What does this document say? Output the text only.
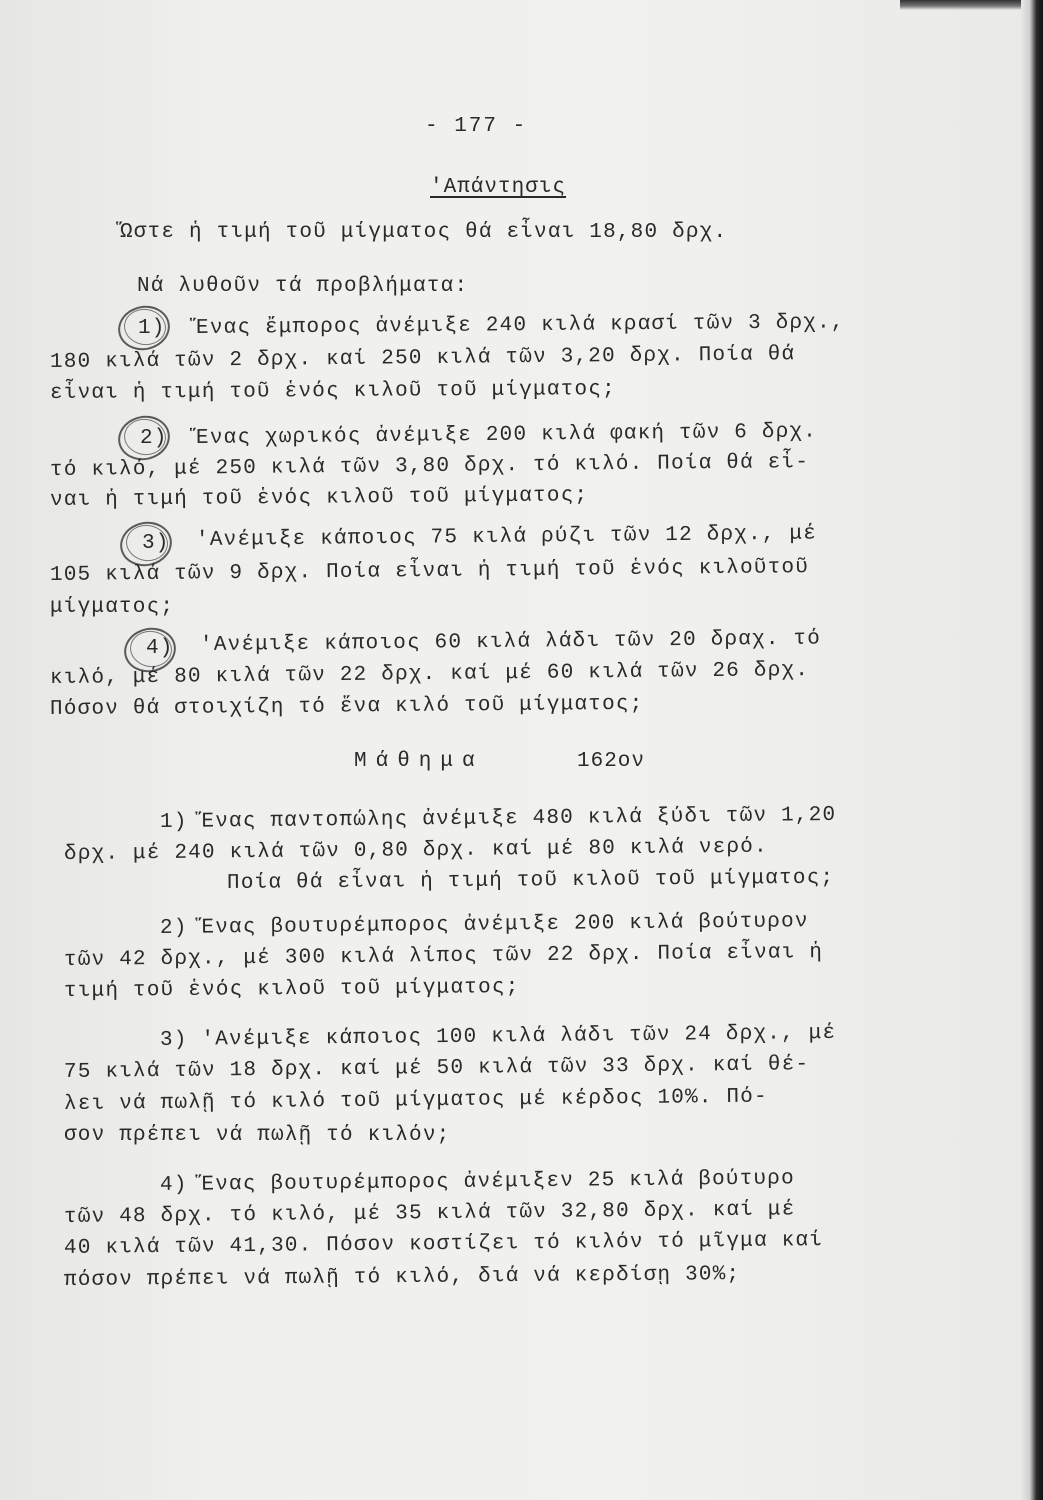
- 177 -
'Απάντησις
Ὥστε ἡ τιμή τοῦ μίγματος θά εἶναι 18,80 δρχ.
Νά λυθοῦν τά προβλήματα:
1) Ἕνας ἔμπορος ἀνέμιξε 240 κιλά κρασί τῶν 3 δρχ.,
180 κιλά τῶν 2 δρχ. καί 250 κιλά τῶν 3,20 δρχ. Ποία θά
εἶναι ἡ τιμή τοῦ ἑνός κιλοῦ τοῦ μίγματος;
2) Ἕνας χωρικός ἀνέμιξε 200 κιλά φακή τῶν 6 δρχ.
τό κιλό, μέ 250 κιλά τῶν 3,80 δρχ. τό κιλό. Ποία θά εἶ-
ναι ἡ τιμή τοῦ ἑνός κιλοῦ τοῦ μίγματος;
3) 'Ανέμιξε κάποιος 75 κιλά ρύζι τῶν 12 δρχ., μέ
105 κιλά τῶν 9 δρχ. Ποία εἶναι ἡ τιμή τοῦ ἑνός κιλοῦτοῦ
μίγματος;
4) 'Ανέμιξε κάποιος 60 κιλά λάδι τῶν 20 δραχ. τό
κιλό, μέ 80 κιλά τῶν 22 δρχ. καί μέ 60 κιλά τῶν 26 δρχ.
Πόσον θά στοιχίζη τό ἕνα κιλό τοῦ μίγματος;
Μάθημα	162ον
1) Ἕνας παντοπώλης ἀνέμιξε 480 κιλά ξύδι τῶν 1,20
δρχ. μέ 240 κιλά τῶν 0,80 δρχ. καί μέ 80 κιλά νερό.
Ποία θά εἶναι ἡ τιμή τοῦ κιλοῦ τοῦ μίγματος;
2) Ἕνας βουτυρέμπορος ἀνέμιξε 200 κιλά βούτυρον
τῶν 42 δρχ., μέ 300 κιλά λίπος τῶν 22 δρχ. Ποία εἶναι ἡ
τιμή τοῦ ἑνός κιλοῦ τοῦ μίγματος;
3) 'Ανέμιξε κάποιος 100 κιλά λάδι τῶν 24 δρχ., μέ
75 κιλά τῶν 18 δρχ. καί μέ 50 κιλά τῶν 33 δρχ. καί θέ-
λει νά πωλῇ τό κιλό τοῦ μίγματος μέ κέρδος 10%. Πό-
σον πρέπει νά πωλῇ τό κιλόν;
4) Ἕνας βουτυρέμπορος ἀνέμιξεν 25 κιλά βούτυρο
τῶν 48 δρχ. τό κιλό, μέ 35 κιλά τῶν 32,80 δρχ. καί μέ
40 κιλά τῶν 41,30. Πόσον κοστίζει τό κιλόν τό μῖγμα καί
πόσον πρέπει νά πωλῇ τό κιλό, διά νά κερδίσῃ 30%;
